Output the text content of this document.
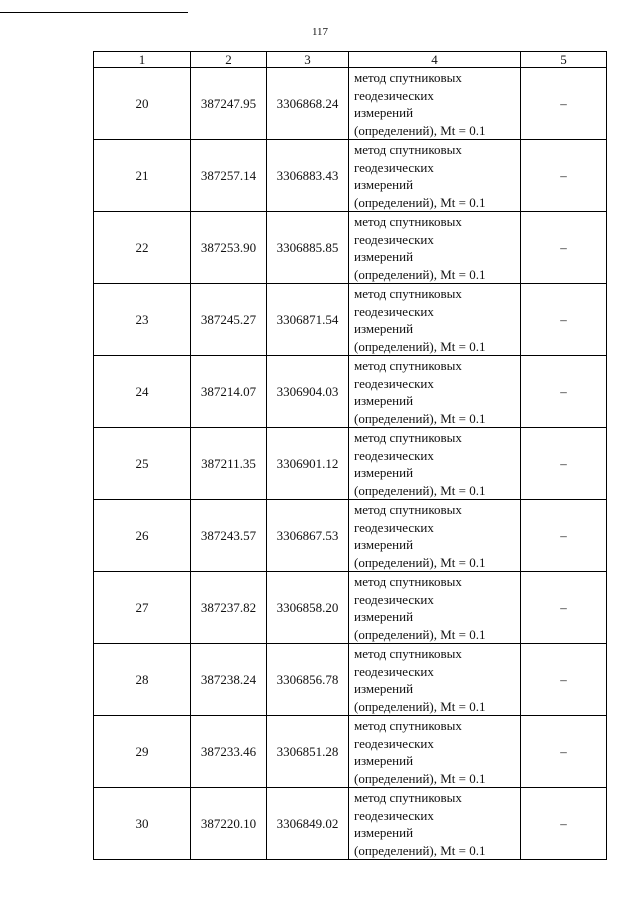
117
1	2	3	4	5
20	387247.95	3306868.24	метод спутниковых
геодезических
измерений
(определений), Mt = 0.1	–
21	387257.14	3306883.43	метод спутниковых
геодезических
измерений
(определений), Mt = 0.1	–
22	387253.90	3306885.85	метод спутниковых
геодезических
измерений
(определений), Mt = 0.1	–
23	387245.27	3306871.54	метод спутниковых
геодезических
измерений
(определений), Mt = 0.1	–
24	387214.07	3306904.03	метод спутниковых
геодезических
измерений
(определений), Mt = 0.1	–
25	387211.35	3306901.12	метод спутниковых
геодезических
измерений
(определений), Mt = 0.1	–
26	387243.57	3306867.53	метод спутниковых
геодезических
измерений
(определений), Mt = 0.1	–
27	387237.82	3306858.20	метод спутниковых
геодезических
измерений
(определений), Mt = 0.1	–
28	387238.24	3306856.78	метод спутниковых
геодезических
измерений
(определений), Mt = 0.1	–
29	387233.46	3306851.28	метод спутниковых
геодезических
измерений
(определений), Mt = 0.1	–
30	387220.10	3306849.02	метод спутниковых
геодезических
измерений
(определений), Mt = 0.1	–
